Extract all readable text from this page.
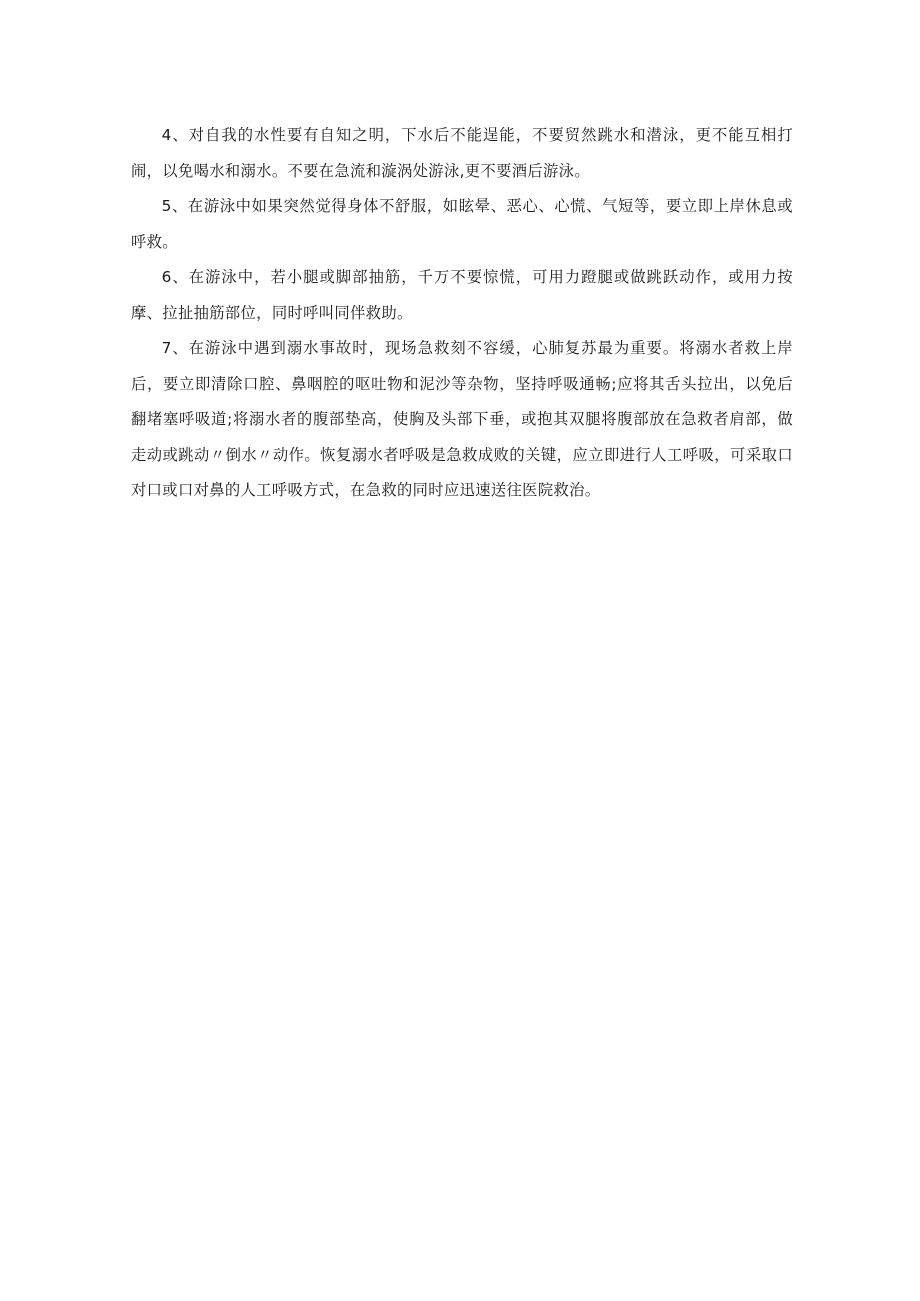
4、对自我的水性要有自知之明，下水后不能逞能，不要贸然跳水和潜泳，更不能互相打闹，以免喝水和溺水。不要在急流和漩涡处游泳,更不要酒后游泳。

5、在游泳中如果突然觉得身体不舒服，如眩晕、恶心、心慌、气短等，要立即上岸休息或呼救。

6、在游泳中，若小腿或脚部抽筋，千万不要惊慌，可用力蹬腿或做跳跃动作，或用力按摩、拉扯抽筋部位，同时呼叫同伴救助。

7、在游泳中遇到溺水事故时，现场急救刻不容缓，心肺复苏最为重要。将溺水者救上岸后，要立即清除口腔、鼻咽腔的呕吐物和泥沙等杂物，坚持呼吸通畅;应将其舌头拉出，以免后翻堵塞呼吸道;将溺水者的腹部垫高，使胸及头部下垂，或抱其双腿将腹部放在急救者肩部，做走动或跳动〃倒水〃动作。恢复溺水者呼吸是急救成败的关键，应立即进行人工呼吸，可采取口对口或口对鼻的人工呼吸方式，在急救的同时应迅速送往医院救治。
